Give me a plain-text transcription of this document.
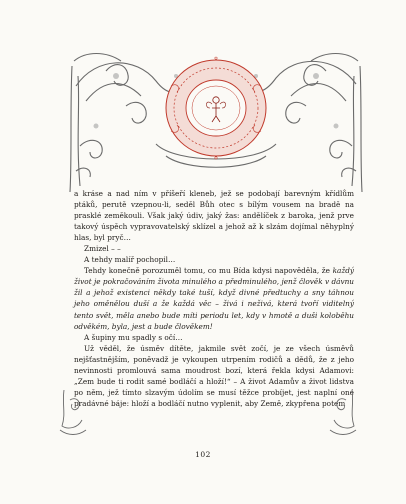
a kráse a nad ním v příšeří kleneb, jež se podobají barevným křídlům ptáků, perutě vzepnou-li, seděl Bůh otec s bílým vousem na bradě na prasklé zeměkouli. Však jaký údiv, jaký žas: andělíček z baroka, jenž prve takový úspěch vypravovatelský sklízel a jehož až k slzám dojímal něhyplný hlas, byl pryč…

Zmizel – –

A tehdy malíř pochopil…

Tehdy konečně porozuměl tomu, co mu Bída kdysi napověděla, že každý život je pokračováním života minulého a předminulého, jenž člověk v dávnu žil a jehož existenci někdy také tuší, když divné předtuchy a sny táhnou jeho oměnělou duší a že každá věc – živá i neživá, která tvoří viditelný tento svět, měla anebo bude míti periodu let, kdy v hmotě a duši koloběhu odvěkém, byla, jest a bude člověkem!

A šupiny mu spadly s očí…

Už věděl, že úsměv dítěte, jakmile svět zočí, je ze všech úsměvů nejšťastnějším, poněvadž je vykoupen utrpením rodičů a dědů, že z jeho nevinnosti promlouvá sama moudrost bozí, která řekla kdysi Adamovi: „Zem bude ti rodit samé bodláčí a hloží!“ – A život Adamův a život lidstva po něm, jež tímto slzavým údolím se musí těžce probíjet, jest naplní oné pradávné báje: hloží a bodláčí nutno vyplenit, aby Země, zkypřena potem

102
